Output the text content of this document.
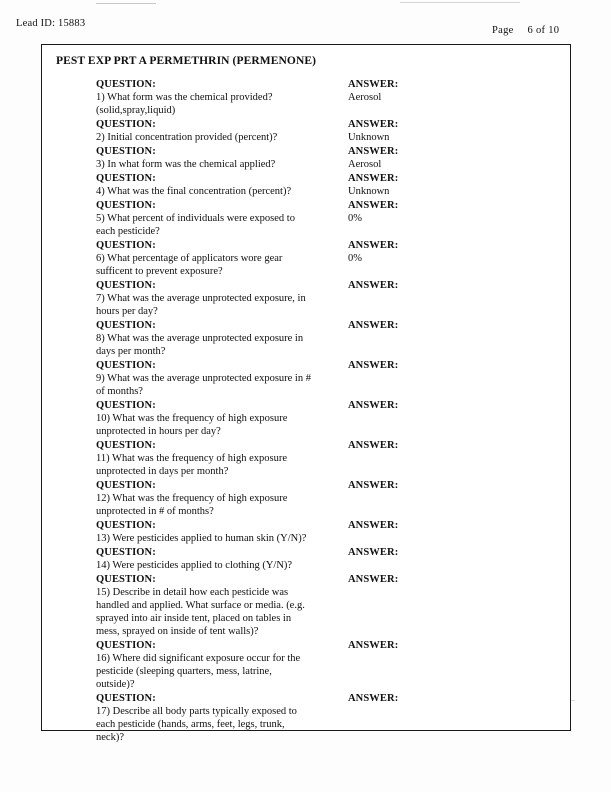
Lead ID: 15883
Page 6 of 10
PEST EXP PRT A PERMETHRIN (PERMENONE)
QUESTION:
1) What form was the chemical provided?(solid,spray,liquid)
ANSWER:
Aerosol
QUESTION:
2) Initial concentration provided (percent)?
ANSWER:
Unknown
QUESTION:
3) In what form was the chemical applied?
ANSWER:
Aerosol
QUESTION:
4) What was the final concentration (percent)?
ANSWER:
Unknown
QUESTION:
5) What percent of individuals were exposed to each pesticide?
ANSWER:
0%
QUESTION:
6) What percentage of applicators wore gear sufficent to prevent exposure?
ANSWER:
0%
QUESTION:
7) What was the average unprotected exposure, in hours per day?
ANSWER:
QUESTION:
8) What was the average unprotected exposure in days per month?
ANSWER:
QUESTION:
9) What was the average unprotected exposure in # of months?
ANSWER:
QUESTION:
10) What was the frequency of high exposure unprotected in hours per day?
ANSWER:
QUESTION:
11) What was the frequency of high exposure unprotected in days per month?
ANSWER:
QUESTION:
12) What was the frequency of high exposure unprotected in # of months?
ANSWER:
QUESTION:
13) Were pesticides applied to human skin (Y/N)?
ANSWER:
QUESTION:
14) Were pesticides applied to clothing (Y/N)?
ANSWER:
QUESTION:
15) Describe in detail how each pesticide was handled and applied. What surface or media. (e.g. sprayed into air inside tent, placed on tables in mess, sprayed on inside of tent walls)?
ANSWER:
QUESTION:
16) Where did significant exposure occur for the pesticide (sleeping quarters, mess, latrine, outside)?
ANSWER:
QUESTION:
17) Describe all body parts typically exposed to each pesticide (hands, arms, feet, legs, trunk, neck)?
ANSWER:
